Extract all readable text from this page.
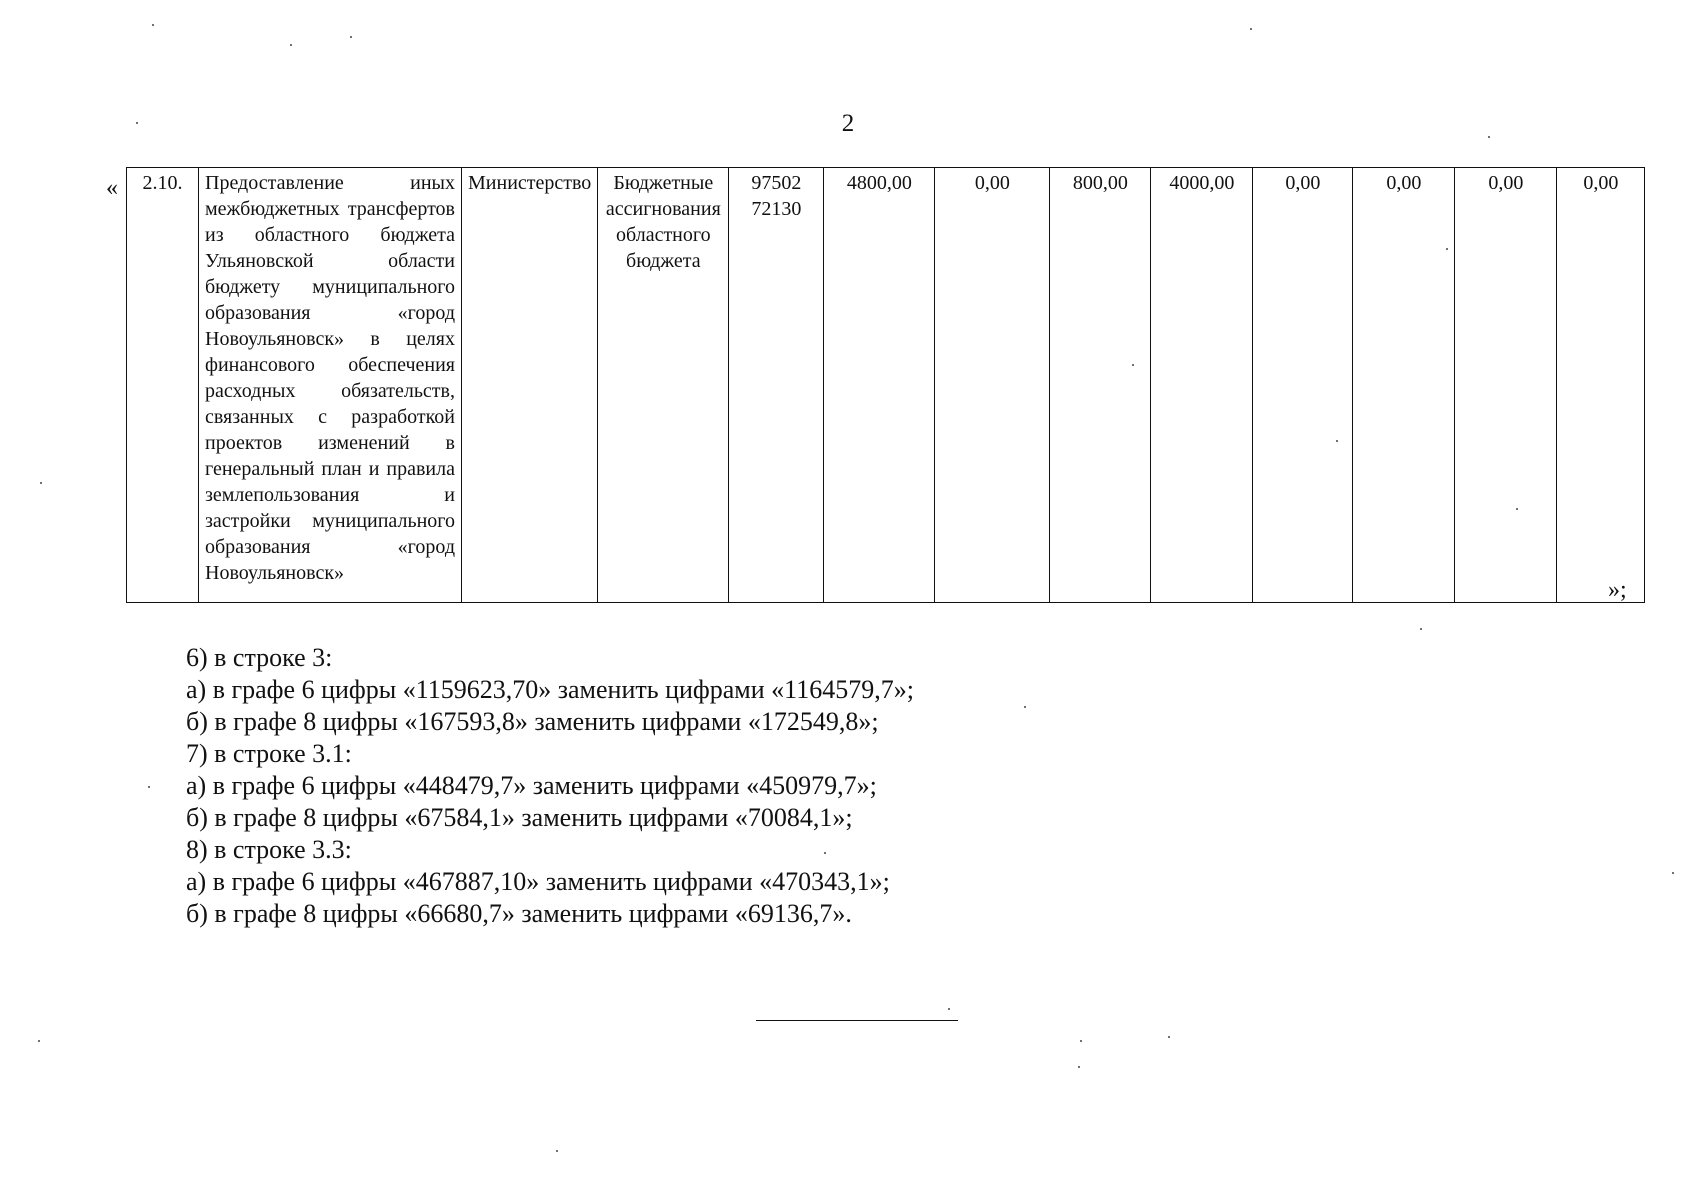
2
« 2.10.	Предоставление иных межбюджетных трансфертов из областного бюджета Ульяновской области бюджету муниципального образования «город Новоульяновск» в целях финансового обеспечения расходных обязательств, связанных с разработкой проектов изменений в генеральный план и правила землепользования и застройки муниципального образования «город Новоульяновск»	Министерство	Бюджетные ассигнования областного бюджета	97502 72130	4800,00	0,00	800,00	4000,00	0,00	0,00	0,00	0,00
»;
6) в строке 3:
а) в графе 6 цифры «1159623,70» заменить цифрами «1164579,7»;
б) в графе 8 цифры «167593,8» заменить цифрами «172549,8»;
7) в строке 3.1:
а) в графе 6 цифры «448479,7» заменить цифрами «450979,7»;
б) в графе 8 цифры «67584,1» заменить цифрами «70084,1»;
8) в строке 3.3:
а) в графе 6 цифры «467887,10» заменить цифрами «470343,1»;
б) в графе 8 цифры «66680,7» заменить цифрами «69136,7».
